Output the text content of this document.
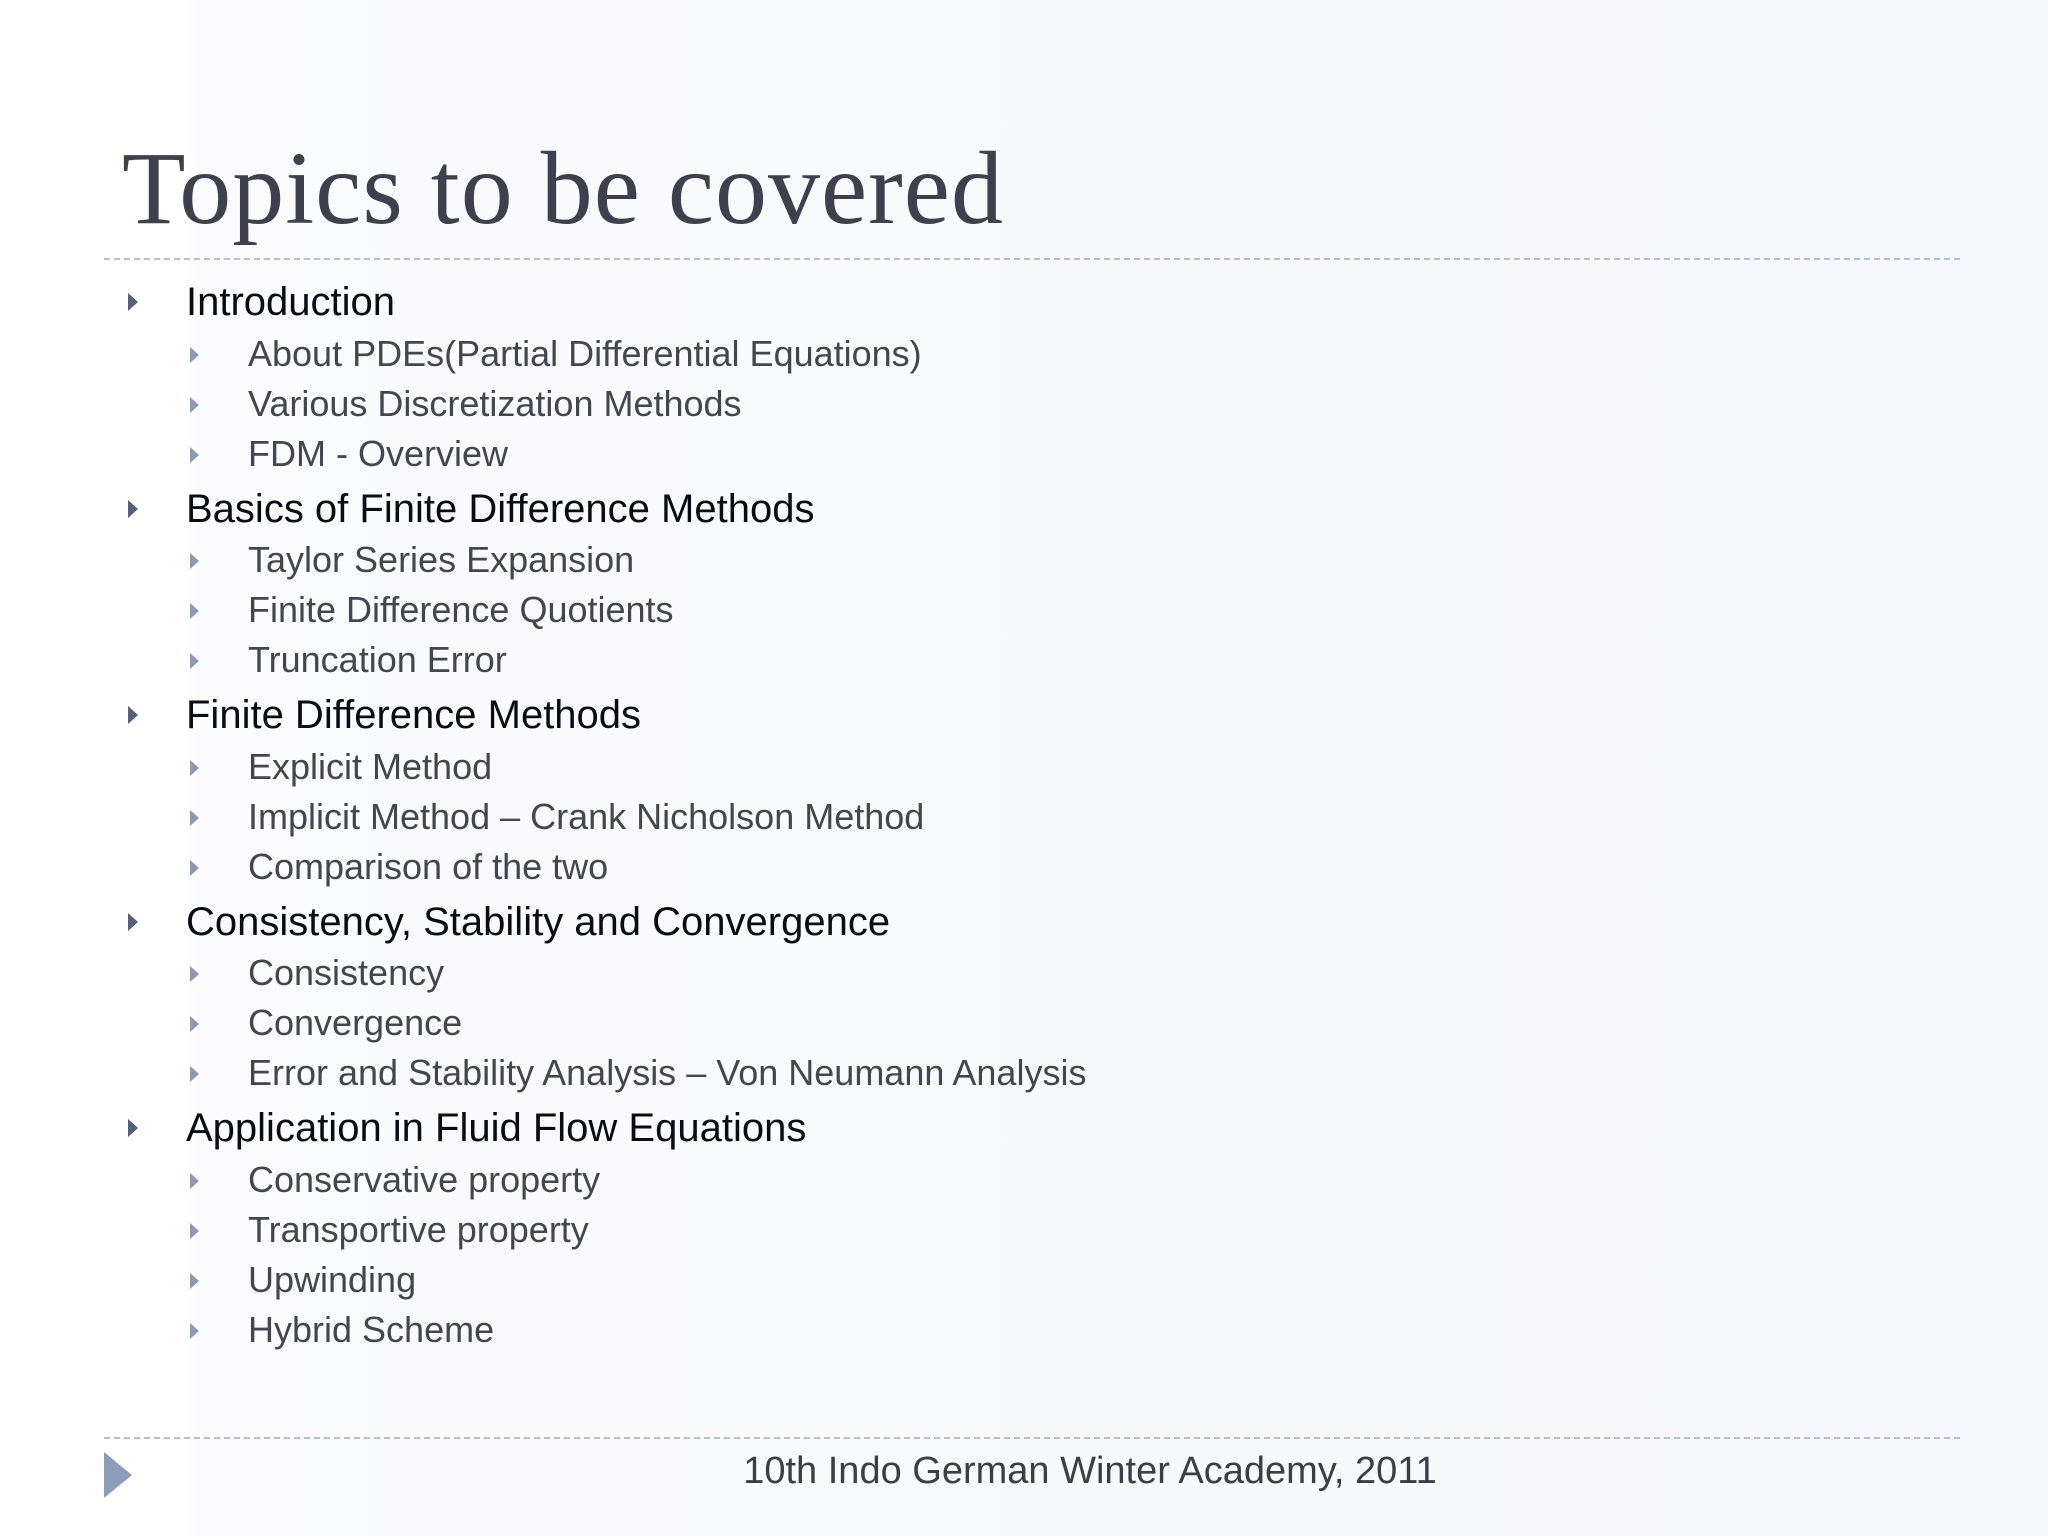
Topics to be covered
Introduction
About PDEs(Partial Differential Equations)
Various Discretization Methods
FDM - Overview
Basics of Finite Difference Methods
Taylor Series Expansion
Finite Difference Quotients
Truncation Error
Finite Difference Methods
Explicit Method
Implicit Method – Crank Nicholson Method
Comparison of the two
Consistency, Stability and Convergence
Consistency
Convergence
Error and Stability Analysis – Von Neumann Analysis
Application in Fluid Flow Equations
Conservative property
Transportive property
Upwinding
Hybrid Scheme
10th Indo German Winter Academy, 2011
